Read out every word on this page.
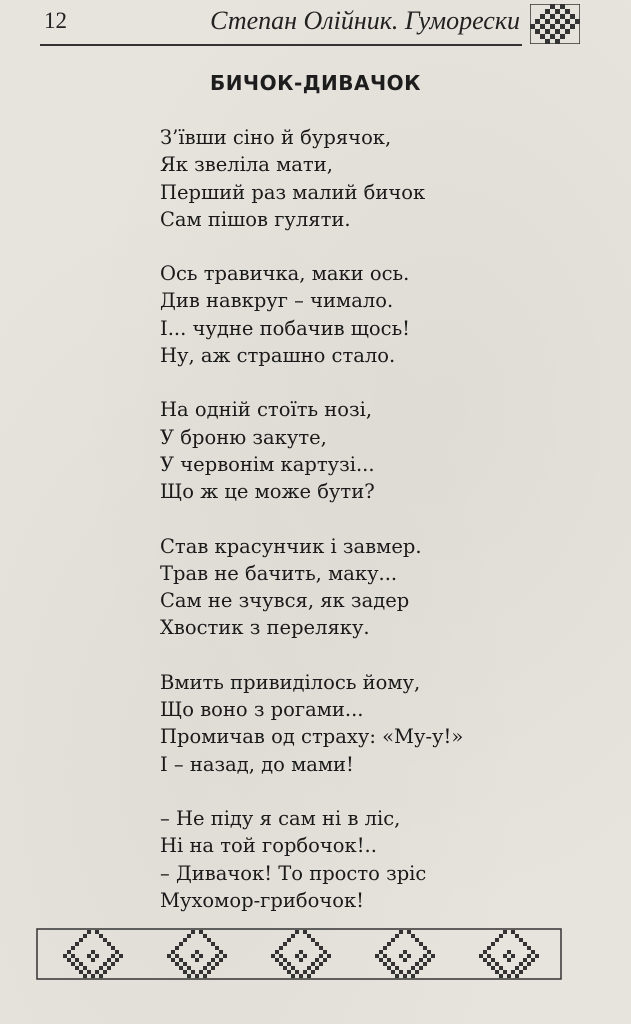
12	Степан Олійник. Гуморески
БИЧОК-ДИВАЧОК
З’ївши сіно й бурячок,
Як звеліла мати,
Перший раз малий бичок
Сам пішов гуляти.
Ось травичка, маки ось.
Див навкруг – чимало.
І... чудне побачив щось!
Ну, аж страшно стало.
На одній стоїть нозі,
У броню закуте,
У червонім картузі...
Що ж це може бути?
Став красунчик і завмер.
Трав не бачить, маку...
Сам не зчувся, як задер
Хвостик з переляку.
Вмить привиділось йому,
Що воно з рогами...
Промичав од страху: «Му-у!»
І – назад, до мами!
– Не піду я сам ні в ліс,
Ні на той горбочок!..
– Дивачок! То просто зріс
Мухомор-грибочок!
